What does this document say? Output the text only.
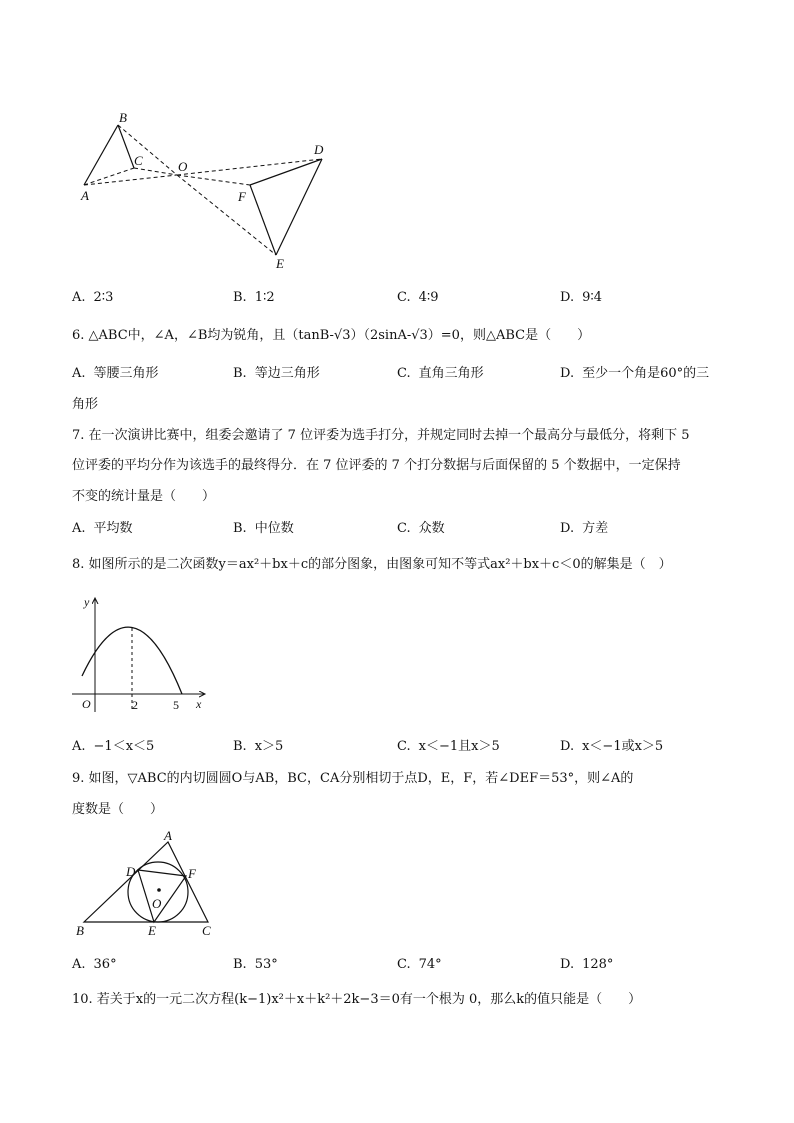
B
C
A
O
D
F
E
A. 2∶3	B. 1∶2	C. 4∶9	D. 9∶4
6. △ABC中，∠A，∠B均为锐角，且（tanB-√3）（2sinA-√3）=0，则△ABC是（　　）
A. 等腰三角形	B. 等边三角形	C. 直角三角形	D. 至少一个角是60°的三
角形
7. 在一次演讲比赛中，组委会邀请了 7 位评委为选手打分，并规定同时去掉一个最高分与最低分，将剩下 5
位评委的平均分作为该选手的最终得分．在 7 位评委的 7 个打分数据与后面保留的 5 个数据中，一定保持
不变的统计量是（　　）
A. 平均数	B. 中位数	C. 众数	D. 方差
8. 如图所示的是二次函数y＝ax²＋bx＋c的部分图象，由图象可知不等式ax²＋bx＋c＜0的解集是（　）
y
x
O	2	5
A. −1＜x＜5	B. x＞5	C. x＜−1且x＞5	D. x＜−1或x＞5
9. 如图，▽ABC的内切圆圆O与AB，BC，CA分别相切于点D，E，F，若∠DEF＝53°，则∠A的
度数是（　　）
A
B	C
D
E
F
O
A. 36°	B. 53°	C. 74°	D. 128°
10. 若关于x的一元二次方程(k−1)x²＋x＋k²＋2k−3＝0有一个根为 0，那么k的值只能是（　　）
